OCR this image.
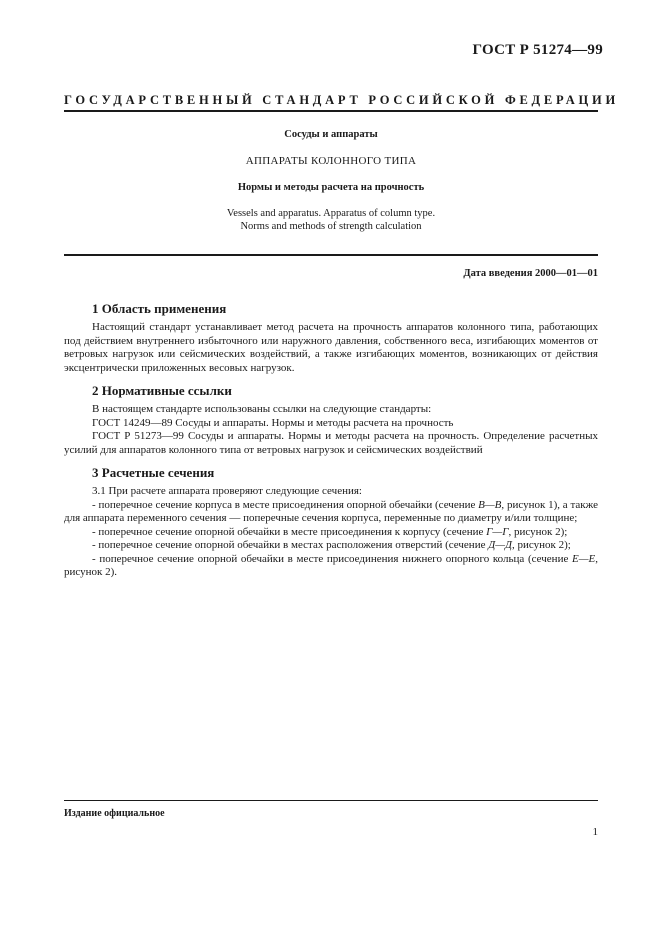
ГОСТ Р 51274—99
ГОСУДАРСТВЕННЫЙ СТАНДАРТ РОССИЙСКОЙ ФЕДЕРАЦИИ
Сосуды и аппараты
АППАРАТЫ КОЛОННОГО ТИПА
Нормы и методы расчета на прочность
Vessels and apparatus. Apparatus of column type.
Norms and methods of strength calculation
Дата введения 2000—01—01
1 Область применения

Настоящий стандарт устанавливает метод расчета на прочность аппаратов колонного типа, работающих под действием внутреннего избыточного или наружного давления, собственного веса, изгибающих моментов от ветровых нагрузок или сейсмических воздействий, а также изгибающих моментов, возникающих от действия эксцентрически приложенных весовых нагрузок.

2 Нормативные ссылки

В настоящем стандарте использованы ссылки на следующие стандарты:

ГОСТ 14249—89 Сосуды и аппараты. Нормы и методы расчета на прочность

ГОСТ Р 51273—99 Сосуды и аппараты. Нормы и методы расчета на прочность. Определение расчетных усилий для аппаратов колонного типа от ветровых нагрузок и сейсмических воздействий

3 Расчетные сечения

3.1 При расчете аппарата проверяют следующие сечения:

- поперечное сечение корпуса в месте присоединения опорной обечайки (сечение В—В, рисунок 1), а также для аппарата переменного сечения — поперечные сечения корпуса, переменные по диаметру и/или толщине;

- поперечное сечение опорной обечайки в месте присоединения к корпусу (сечение Г—Г, рисунок 2);

- поперечное сечение опорной обечайки в местах расположения отверстий (сечение Д—Д, рисунок 2);

- поперечное сечение опорной обечайки в месте присоединения нижнего опорного кольца (сечение Е—Е, рисунок 2).

Издание официальное
1
